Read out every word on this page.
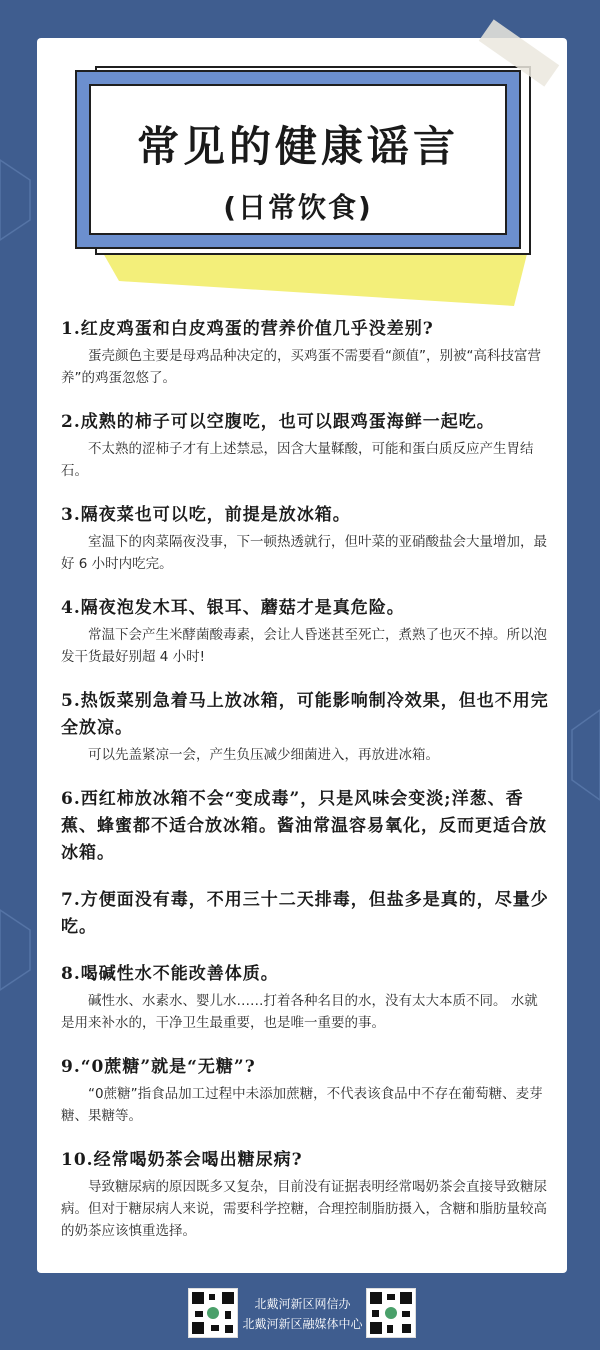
常见的健康谣言
(日常饮食)

1.红皮鸡蛋和白皮鸡蛋的营养价值几乎没差别?

蛋壳颜色主要是母鸡品种决定的，买鸡蛋不需要看“颜值”，别被“高科技富营养”的鸡蛋忽悠了。

2.成熟的柿子可以空腹吃，也可以跟鸡蛋海鲜一起吃。

不太熟的涩柿子才有上述禁忌，因含大量鞣酸，可能和蛋白质反应产生胃结石。

3.隔夜菜也可以吃，前提是放冰箱。

室温下的肉菜隔夜没事，下一顿热透就行，但叶菜的亚硝酸盐会大量增加，最好 6 小时内吃完。

4.隔夜泡发木耳、银耳、蘑菇才是真危险。

常温下会产生米酵菌酸毒素，会让人昏迷甚至死亡，煮熟了也灭不掉。所以泡发干货最好别超 4 小时!

5.热饭菜别急着马上放冰箱，可能影响制冷效果，但也不用完全放凉。

可以先盖紧凉一会，产生负压减少细菌进入，再放进冰箱。

6.西红柿放冰箱不会“变成毒”，只是风味会变淡;洋葱、香蕉、蜂蜜都不适合放冰箱。酱油常温容易氧化，反而更适合放冰箱。

7.方便面没有毒，不用三十二天排毒，但盐多是真的，尽量少吃。

8.喝碱性水不能改善体质。

碱性水、水素水、婴儿水……打着各种名目的水，没有太大本质不同。 水就是用来补水的，干净卫生最重要，也是唯一重要的事。

9.“0蔗糖”就是“无糖”?

“0蔗糖”指食品加工过程中未添加蔗糖，不代表该食品中不存在葡萄糖、麦芽糖、果糖等。

10.经常喝奶茶会喝出糖尿病?

导致糖尿病的原因既多又复杂，目前没有证据表明经常喝奶茶会直接导致糖尿病。但对于糖尿病人来说，需要科学控糖，合理控制脂肪摄入，含糖和脂肪量较高的奶茶应该慎重选择。

北戴河新区网信办
北戴河新区融媒体中心
